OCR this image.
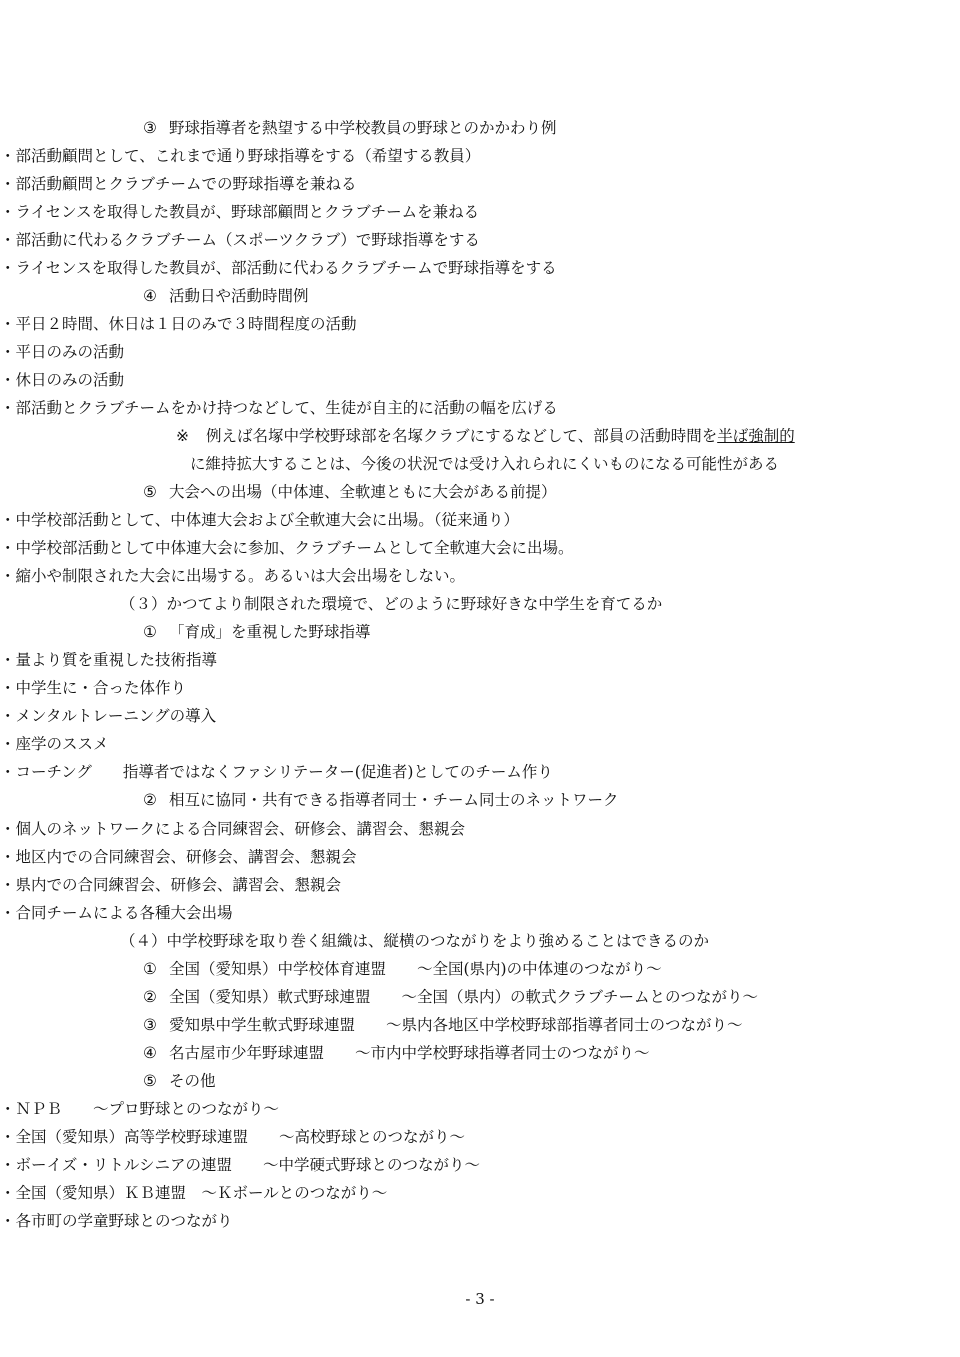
③ 野球指導者を熱望する中学校教員の野球とのかかわり例
・部活動顧問として、これまで通り野球指導をする（希望する教員）
・部活動顧問とクラブチームでの野球指導を兼ねる
・ライセンスを取得した教員が、野球部顧問とクラブチームを兼ねる
・部活動に代わるクラブチーム（スポーツクラブ）で野球指導をする
・ライセンスを取得した教員が、部活動に代わるクラブチームで野球指導をする
④ 活動日や活動時間例
・平日２時間、休日は１日のみで３時間程度の活動
・平日のみの活動
・休日のみの活動
・部活動とクラブチームをかけ持つなどして、生徒が自主的に活動の幅を広げる
※ 例えば名塚中学校野球部を名塚クラブにするなどして、部員の活動時間を半ば強制的
に維持拡大することは、今後の状況では受け入れられにくいものになる可能性がある
⑤ 大会への出場（中体連、全軟連ともに大会がある前提）
・中学校部活動として、中体連大会および全軟連大会に出場。（従来通り）
・中学校部活動として中体連大会に参加、クラブチームとして全軟連大会に出場。
・縮小や制限された大会に出場する。あるいは大会出場をしない。
（３）かつてより制限された環境で、どのように野球好きな中学生を育てるか
① 「育成」を重視した野球指導
・量より質を重視した技術指導
・中学生に・合った体作り
・メンタルトレーニングの導入
・座学のススメ
・コーチング　　指導者ではなくファシリテーター(促進者)としてのチーム作り
② 相互に協同・共有できる指導者同士・チーム同士のネットワーク
・個人のネットワークによる合同練習会、研修会、講習会、懇親会
・地区内での合同練習会、研修会、講習会、懇親会
・県内での合同練習会、研修会、講習会、懇親会
・合同チームによる各種大会出場
（４）中学校野球を取り巻く組織は、縦横のつながりをより強めることはできるのか
① 全国（愛知県）中学校体育連盟　　～全国(県内)の中体連のつながり～
② 全国（愛知県）軟式野球連盟　　～全国（県内）の軟式クラブチームとのつながり～
③ 愛知県中学生軟式野球連盟　　～県内各地区中学校野球部指導者同士のつながり～
④ 名古屋市少年野球連盟　　～市内中学校野球指導者同士のつながり～
⑤ その他
・ＮＰＢ　　～プロ野球とのつながり～
・全国（愛知県）高等学校野球連盟　　～高校野球とのつながり～
・ボーイズ・リトルシニアの連盟　　～中学硬式野球とのつながり～
・全国（愛知県）ＫＢ連盟　～Ｋボールとのつながり～
・各市町の学童野球とのつながり
- 3 -
